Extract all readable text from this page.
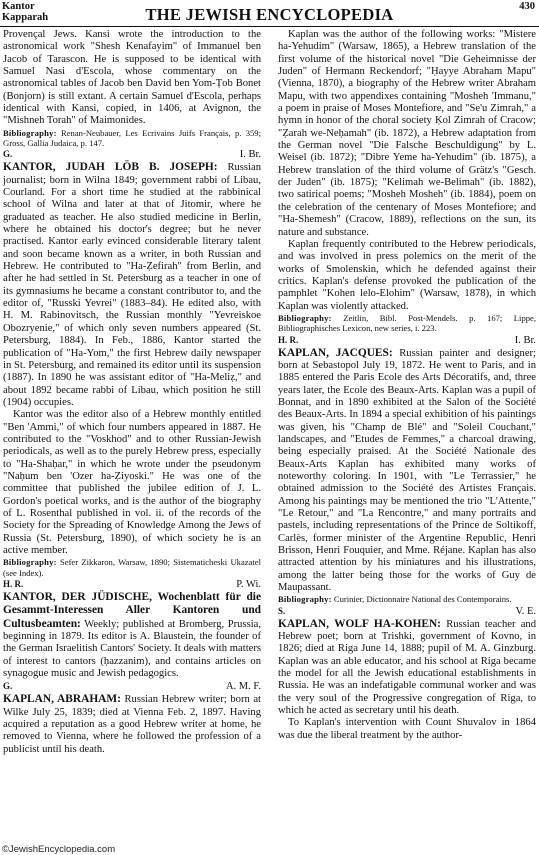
Kantor
Kapparah	THE JEWISH ENCYCLOPEDIA	430

Provençal Jews. Kansi wrote the introduction to the astronomical work "Shesh Kenafayim" of Immanuel ben Jacob of Tarascon. He is supposed to be identical with Samuel Nasi d'Escola, whose commentary on the astronomical tables of Jacob ben David ben Yom-Ṭob Bonet (Bonjorn) is still extant. A certain Samuel d'Escola, perhaps identical with Kansi, copied, in 1406, at Avignon, the "Mishneh Torah" of Maimonides.

Bibliography: Renan-Neubauer, Les Ecrivains Juifs Français, p. 359; Gross, Gallia Judaica, p. 147.

G.	I. Br.

KANTOR, JUDAH LÖB B. JOSEPH: Russian journalist; born in Wilna 1849; government rabbi of Libau, Courland. For a short time he studied at the rabbinical school of Wilna and later at that of Jitomir, where he graduated as teacher. He also studied medicine in Berlin, where he obtained his doctor's degree; but he never practised. Kantor early evinced considerable literary talent and soon became known as a writer, in both Russian and Hebrew. He contributed to "Ha-Ẓefirah" from Berlin, and after he had settled in St. Petersburg as a teacher in one of its gymnasiums he became a constant contributor to, and the editor of, "Russki Yevrei" (1883–84). He edited also, with H. M. Rabinovitsch, the Russian monthly "Yevreiskoe Obozryenie," of which only seven numbers appeared (St. Petersburg, 1884). In Feb., 1886, Kantor started the publication of "Ha-Yom," the first Hebrew daily newspaper in St. Petersburg, and remained its editor until its suspension (1887). In 1890 he was assistant editor of "Ha-Meliẓ," and about 1892 became rabbi of Libau, which position he still (1904) occupies.

Kantor was the editor also of a Hebrew monthly entitled "Ben 'Ammi," of which four numbers appeared in 1887. He contributed to the "Voskhod" and to other Russian-Jewish periodicals, as well as to the purely Hebrew press, especially to "Ha-Shaḥar," in which he wrote under the pseudonym "Naḥum ben 'Ozer ha-Ẓiyoski." He was one of the committee that published the jubilee edition of J. L. Gordon's poetical works, and is the author of the biography of L. Rosenthal published in vol. ii. of the records of the Society for the Spreading of Knowledge Among the Jews of Russia (St. Petersburg, 1890), of which society he is an active member.

Bibliography: Sefer Zikkaron, Warsaw, 1890; Sistematicheski Ukazatel (see Index).

H. R.	P. Wi.

KANTOR, DER JÜDISCHE, Wochenblatt für die Gesammt-Interessen Aller Kantoren und Cultusbeamten: Weekly; published at Bromberg, Prussia, beginning in 1879. Its editor is A. Blaustein, the founder of the German Israelitish Cantors' Society. It deals with matters of interest to cantors (ḥazzanim), and contains articles on synagogue music and Jewish pedagogics.

G.	A. M. F.

KAPLAN, ABRAHAM: Russian Hebrew writer; born at Wilke July 25, 1839; died at Vienna Feb. 2, 1897. Having acquired a reputation as a good Hebrew writer at home, he removed to Vienna, where he followed the profession of a publicist until his death.

Kaplan was the author of the following works: "Mistere ha-Yehudim" (Warsaw, 1865), a Hebrew translation of the first volume of the historical novel "Die Geheimnisse der Juden" of Hermann Reckendorf; "Ḥayye Abraham Mapu" (Vienna, 1870), a biography of the Hebrew writer Abraham Mapu, with two appendixes containing "Mosheh 'Immanu," a poem in praise of Moses Montefiore, and "Se'u Zimrah," a hymn in honor of the choral society Ḳol Zimrah of Cracow; "Ẓarah we-Neḥamah" (ib. 1872), a Hebrew adaptation from the German novel "Die Falsche Beschuldigung" by L. Weisel (ib. 1872); "Dibre Yeme ha-Yehudim" (ib. 1875), a Hebrew translation of the third volume of Grätz's "Gesch. der Juden" (ib. 1875); "Kelimah we-Belimah" (ib. 1882), two satirical poems; "Mosheh Mosheh" (ib. 1884), poem on the celebration of the centenary of Moses Montefiore; and "Ha-Shemesh" (Cracow, 1889), reflections on the sun, its nature and substance.

Kaplan frequently contributed to the Hebrew periodicals, and was involved in press polemics on the merit of the works of Smolenskin, which he defended against their critics. Kaplan's defense provoked the publication of the pamphlet "Kohen lelo-Elohim" (Warsaw, 1878), in which Kaplan was violently attacked.

Bibliography: Zeitlin, Bibl. Post-Mendels. p. 167; Lippe, Bibliographisches Lexicon, new series, i. 223.

H. R.	I. Br.

KAPLAN, JACQUES: Russian painter and designer; born at Sebastopol July 19, 1872. He went to Paris, and in 1885 entered the Paris Ecole des Arts Décoratifs, and, three years later, the Ecole des Beaux-Arts. Kaplan was a pupil of Bonnat, and in 1890 exhibited at the Salon of the Société des Beaux-Arts. In 1894 a special exhibition of his paintings was given, his "Champ de Blé" and "Soleil Couchant," landscapes, and "Etudes de Femmes," a charcoal drawing, being especially praised. At the Société Nationale des Beaux-Arts Kaplan has exhibited many works of noteworthy coloring. In 1901, with "Le Terrassier," he obtained admission to the Société des Artistes Français. Among his paintings may be mentioned the trio "L'Attente," "Le Retour," and "La Rencontre," and many portraits and pastels, including representations of the Prince de Soltikoff, Carlès, former minister of the Argentine Republic, Henri Brisson, Henri Fouquier, and Mme. Réjane. Kaplan has also attracted attention by his miniatures and his illustrations, among the latter being those for the works of Guy de Maupassant.

Bibliography: Curinier, Dictionnaire National des Contemporains.

S.	V. E.

KAPLAN, WOLF HA-KOHEN: Russian teacher and Hebrew poet; born at Trishki, government of Kovno, in 1826; died at Riga June 14, 1888; pupil of M. A. Ginzburg. Kaplan was an able educator, and his school at Riga became the model for all the Jewish educational establishments in Russia. He was an indefatigable communal worker and was the very soul of the Progressive congregation of Riga, to which he acted as secretary until his death.

To Kaplan's intervention with Count Shuvalov in 1864 was due the liberal treatment by the author-

©JewishEncyclopedia.com
